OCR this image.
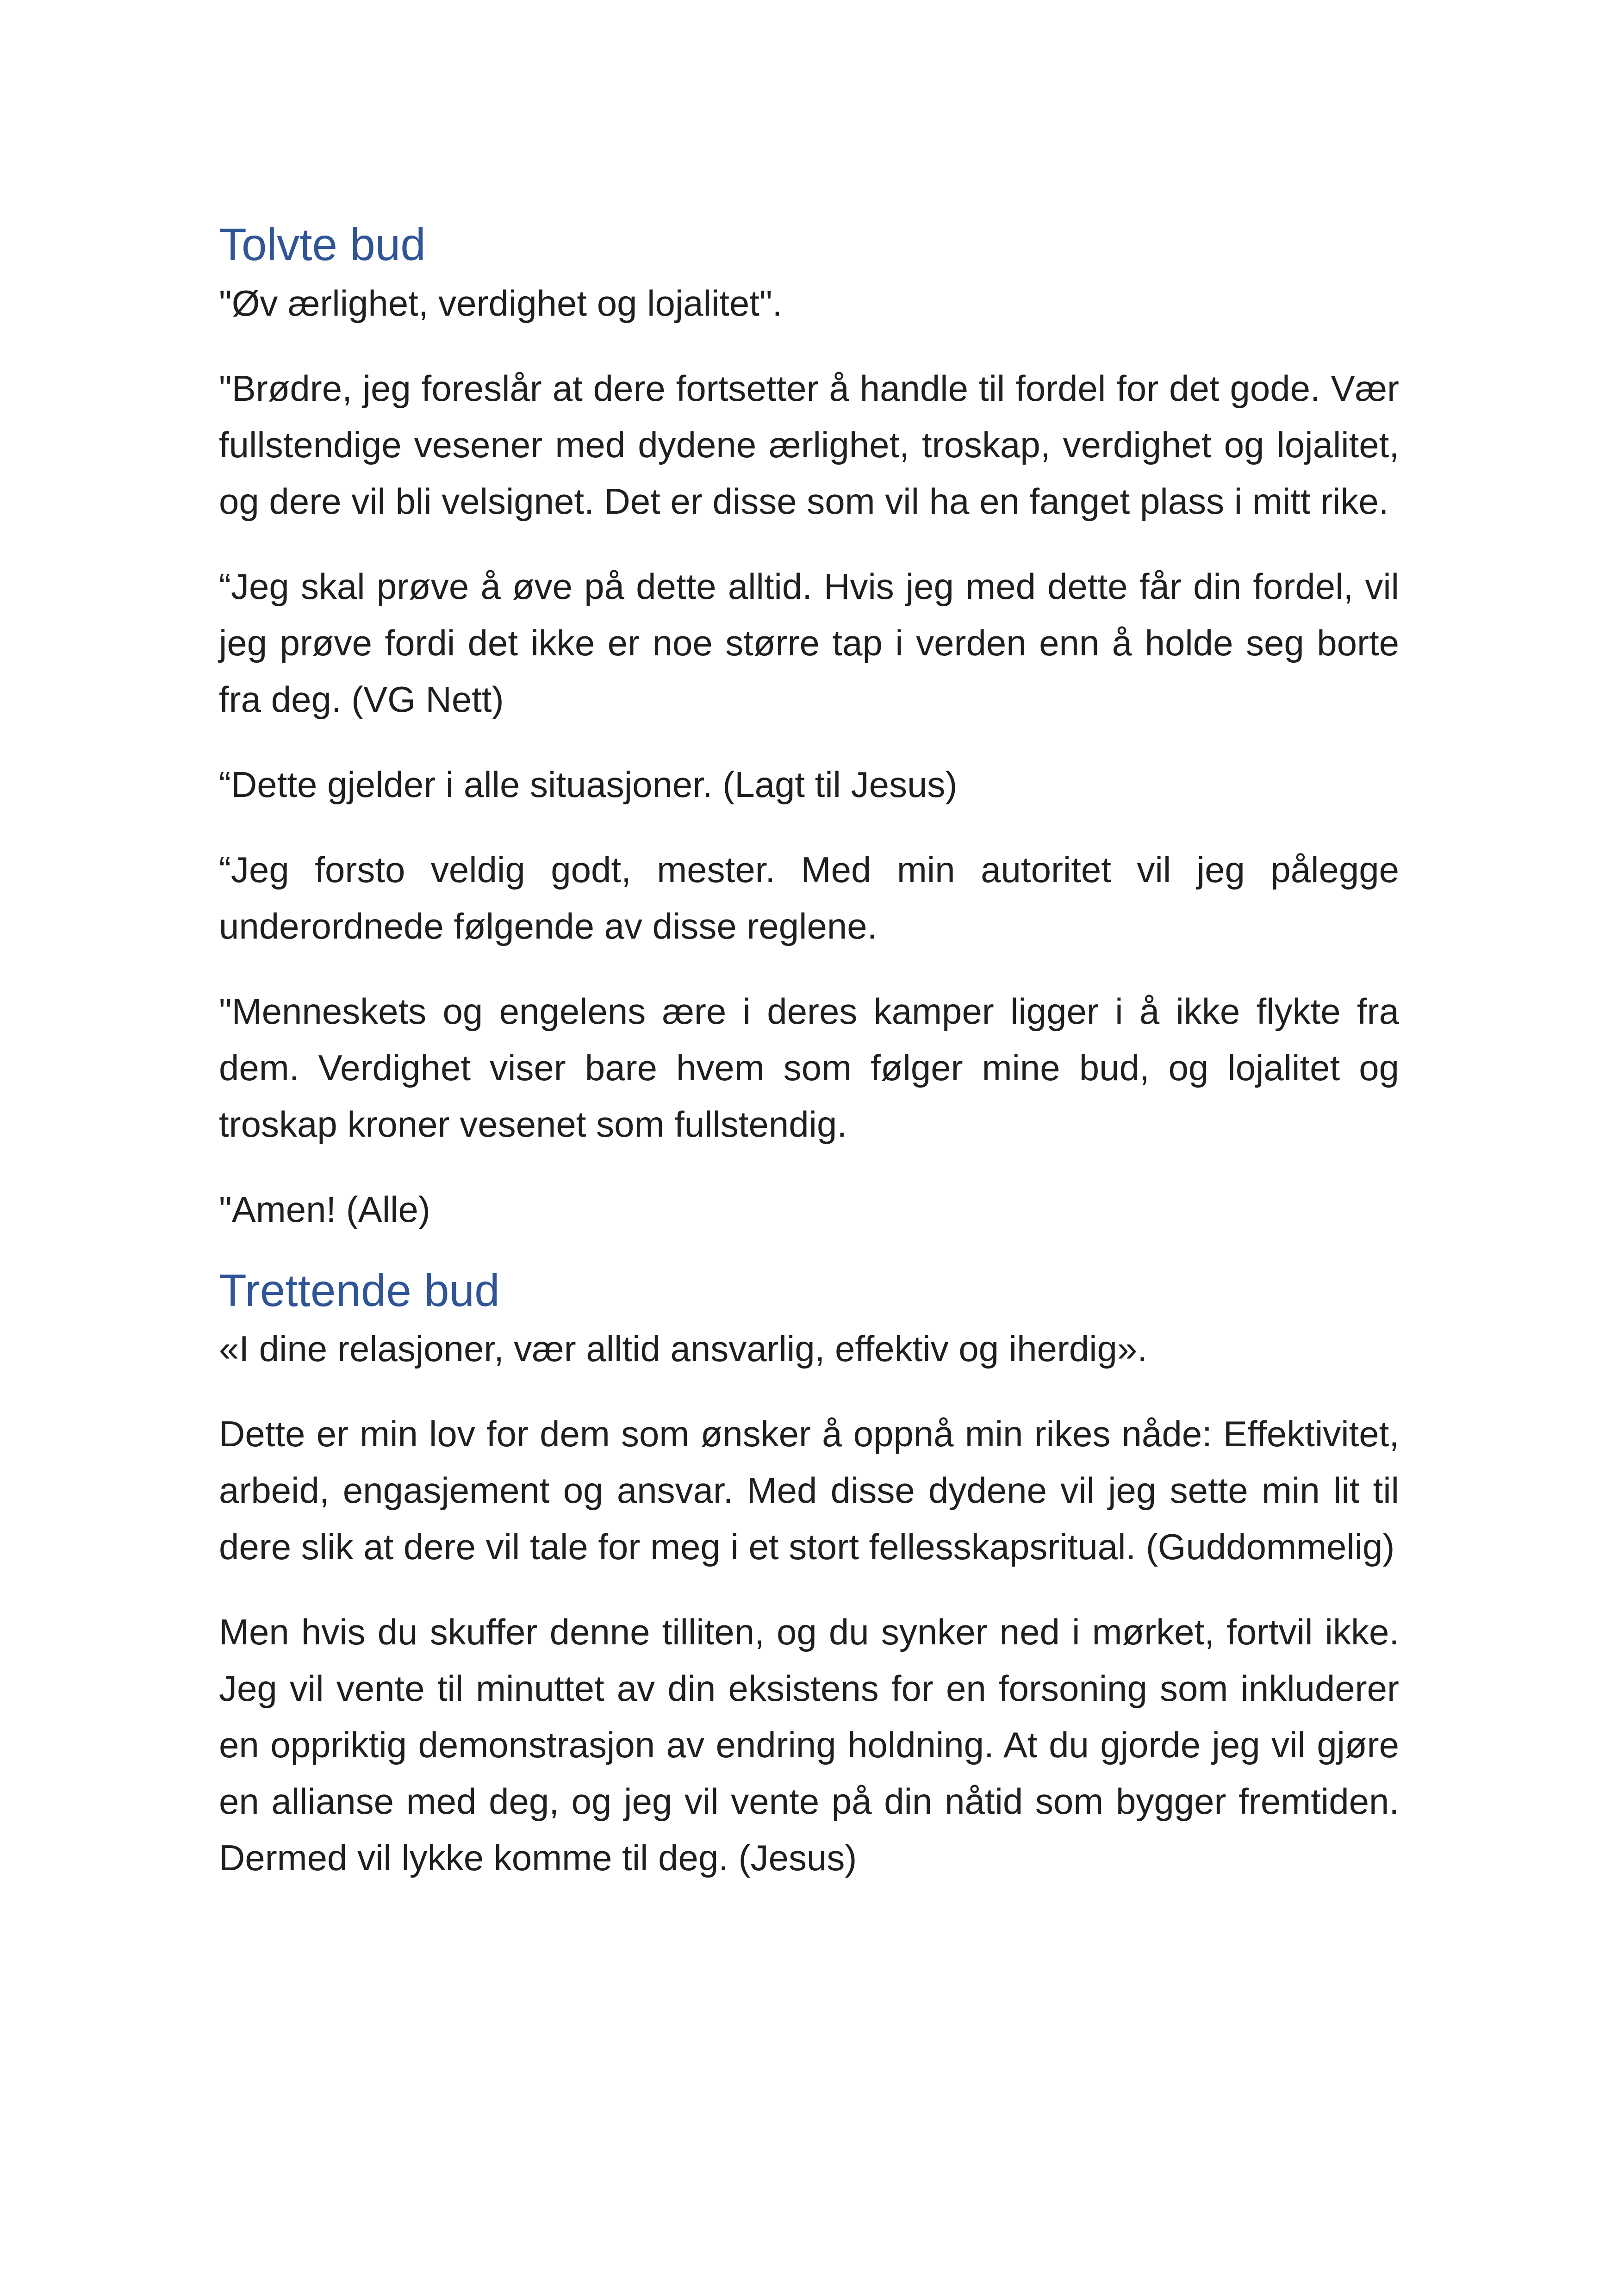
Tolvte bud
"Øv ærlighet, verdighet og lojalitet".

"Brødre, jeg foreslår at dere fortsetter å handle til fordel for det gode. Vær fullstendige vesener med dydene ærlighet, troskap, verdighet og lojalitet, og dere vil bli velsignet. Det er disse som vil ha en fanget plass i mitt rike.

“Jeg skal prøve å øve på dette alltid. Hvis jeg med dette får din fordel, vil jeg prøve fordi det ikke er noe større tap i verden enn å holde seg borte fra deg. (VG Nett)

“Dette gjelder i alle situasjoner. (Lagt til Jesus)

“Jeg forsto veldig godt, mester. Med min autoritet vil jeg pålegge underordnede følgende av disse reglene.

"Menneskets og engelens ære i deres kamper ligger i å ikke flykte fra dem. Verdighet viser bare hvem som følger mine bud, og lojalitet og troskap kroner vesenet som fullstendig.

"Amen! (Alle)

Trettende bud
«I dine relasjoner, vær alltid ansvarlig, effektiv og iherdig».

Dette er min lov for dem som ønsker å oppnå min rikes nåde: Effektivitet, arbeid, engasjement og ansvar. Med disse dydene vil jeg sette min lit til dere slik at dere vil tale for meg i et stort fellesskapsritual. (Guddommelig)

Men hvis du skuffer denne tilliten, og du synker ned i mørket, fortvil ikke. Jeg vil vente til minuttet av din eksistens for en forsoning som inkluderer en oppriktig demonstrasjon av endring holdning. At du gjorde jeg vil gjøre en allianse med deg, og jeg vil vente på din nåtid som bygger fremtiden. Dermed vil lykke komme til deg. (Jesus)
